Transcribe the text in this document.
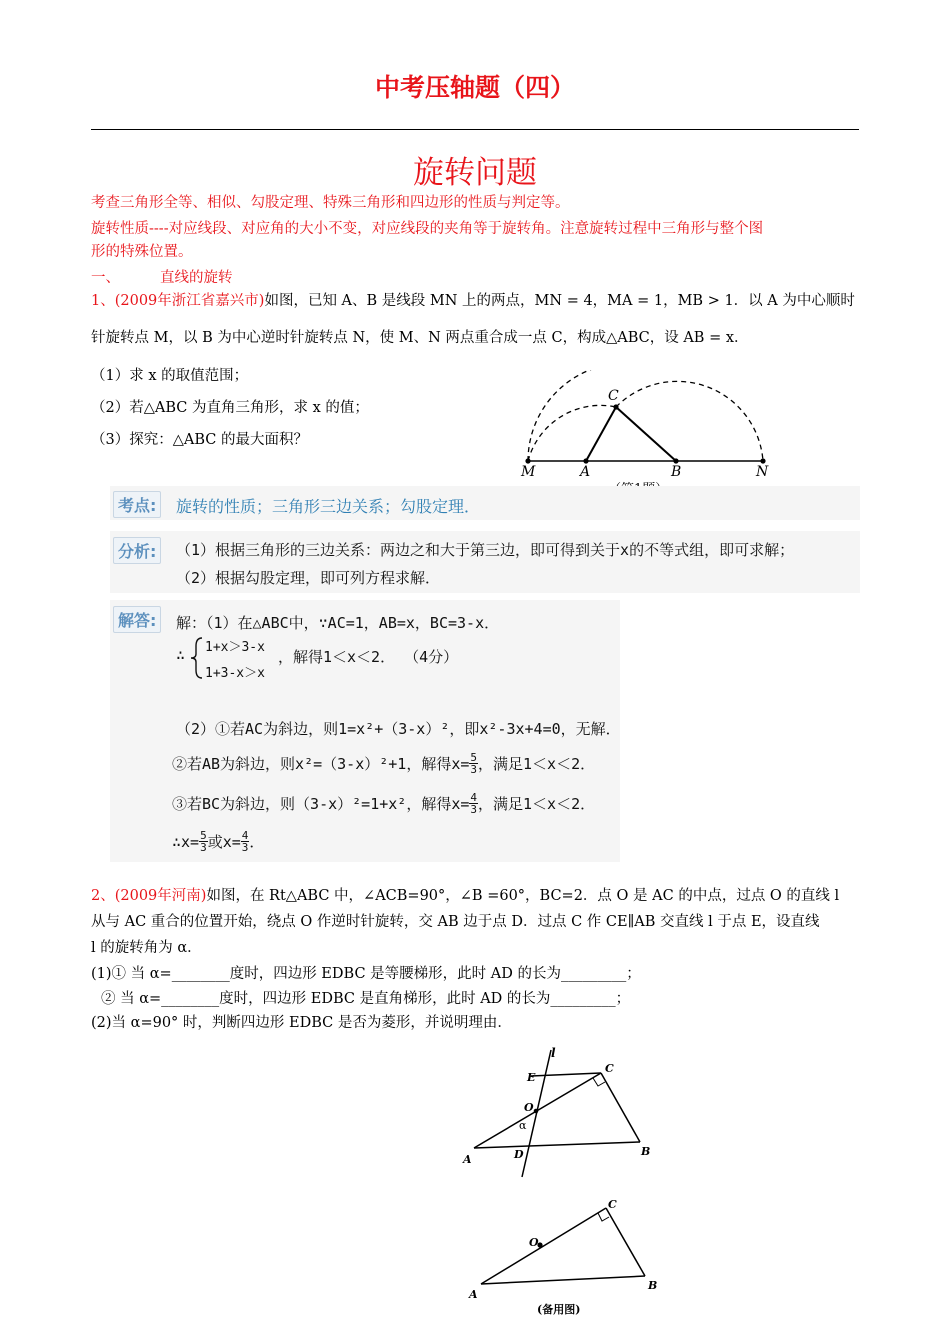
中考压轴题（四）
旋转问题
考查三角形全等、相似、勾股定理、特殊三角形和四边形的性质与判定等。
旋转性质----对应线段、对应角的大小不变，对应线段的夹角等于旋转角。注意旋转过程中三角形与整个图
形的特殊位置。
一、	直线的旋转
1、(2009年浙江省嘉兴市)如图，已知 A、B 是线段 MN 上的两点，MN = 4，MA = 1，MB > 1．以 A 为中心顺时
针旋转点 M，以 B 为中心逆时针旋转点 N，使 M、N 两点重合成一点 C，构成△ABC，设 AB = x．
（1）求 x 的取值范围；
（2）若△ABC 为直角三角形，求 x 的值；
（3）探究：△ABC 的最大面积？
C
M	A	B	N
考点:	旋转的性质；三角形三边关系；勾股定理．
分析:	（1）根据三角形的三边关系：两边之和大于第三边，即可得到关于x的不等式组，即可求解；
（2）根据勾股定理，即可列方程求解．
解答:	解：（1）在△ABC中，∵AC=1，AB=x，BC=3-x．
∴ 1+x＞3-x
1+3-x＞x
，解得1＜x＜2． （4分）
（2）①若AC为斜边，则1=x²+（3-x）²，即x²-3x+4=0，无解．
②若AB为斜边，则x²=（3-x）²+1，解得$x= \frac{5}{3}$ ，满足1＜x＜2．
③若BC为斜边，则（3-x）²=1+x²，解得$x= \frac{4}{3}$ ，满足1＜x＜2．
∴x= $\frac{5}{3}$ 或$x= \frac{4}{3}$ ．
2、(2009年河南)如图，在 Rt△ABC 中，∠ACB=90°，∠B =60°，BC=2．点 O 是 AC 的中点，过点 O 的直线 l
从与 AC 重合的位置开始，绕点 O 作逆时针旋转，交 AB 边于点 D．过点 C 作 CE∥AB 交直线 l 于点 E，设直线
l 的旋转角为 α．
(1)① 当 α=________度时，四边形 EDBC 是等腰梯形，此时 AD 的长为_________；
② 当 α=________度时，四边形 EDBC 是直角梯形，此时 AD 的长为_________；
(2)当 α=90° 时，判断四边形 EDBC 是否为菱形，并说明理由．
l
E
C
O
α
A	D	B
O
C
A
B
(备用图)
